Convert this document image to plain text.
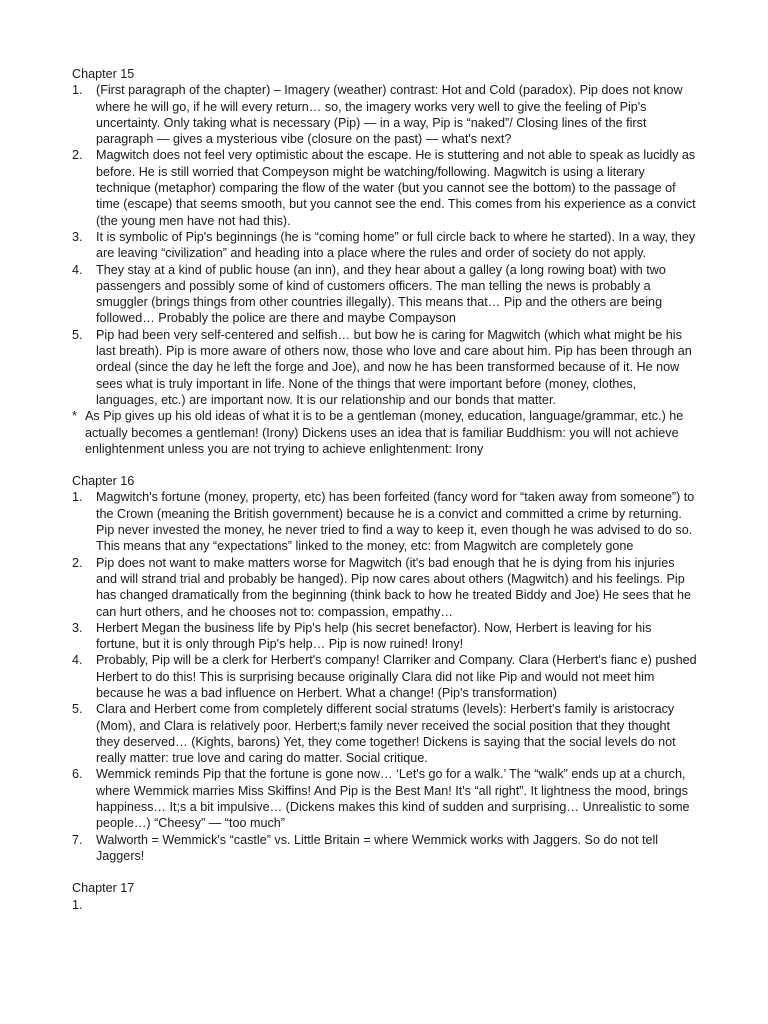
Chapter 15
1. (First paragraph of the chapter) – Imagery (weather) contrast: Hot and Cold (paradox). Pip does not know where he will go, if he will every return… so, the imagery works very well to give the feeling of Pip's uncertainty. Only taking what is necessary (Pip) — in a way, Pip is “naked”/ Closing lines of the first paragraph — gives a mysterious vibe (closure on the past) — what's next?
2. Magwitch does not feel very optimistic about the escape. He is stuttering and not able to speak as lucidly as before. He is still worried that Compeyson might be watching/following. Magwitch is using a literary technique (metaphor) comparing the flow of the water (but you cannot see the bottom) to the passage of time (escape) that seems smooth, but you cannot see the end. This comes from his experience as a convict (the young men have not had this).
3. It is symbolic of Pip's beginnings (he is “coming home” or full circle back to where he started). In a way, they are leaving “civilization” and heading into a place where the rules and order of society do not apply.
4. They stay at a kind of public house (an inn), and they hear about a galley (a long rowing boat) with two passengers and possibly some of kind of customers officers. The man telling the news is probably a smuggler (brings things from other countries illegally). This means that… Pip and the others are being followed… Probably the police are there and maybe Compayson
5. Pip had been very self-centered and selfish… but bow he is caring for Magwitch (which what might be his last breath). Pip is more aware of others now, those who love and care about him. Pip has been through an ordeal (since the day he left the forge and Joe), and now he has been transformed because of it. He now sees what is truly important in life. None of the things that were important before (money, clothes, languages, etc.) are important now. It is our relationship and our bonds that matter.
* As Pip gives up his old ideas of what it is to be a gentleman (money, education, language/grammar, etc.) he actually becomes a gentleman! (Irony) Dickens uses an idea that is familiar Buddhism: you will not achieve enlightenment unless you are not trying to achieve enlightenment: Irony
Chapter 16
1. Magwitch's fortune (money, property, etc) has been forfeited (fancy word for “taken away from someone”) to the Crown (meaning the British government) because he is a convict and committed a crime by returning. Pip never invested the money, he never tried to find a way to keep it, even though he was advised to do so. This means that any “expectations” linked to the money, etc: from Magwitch are completely gone
2. Pip does not want to make matters worse for Magwitch (it's bad enough that he is dying from his injuries and will strand trial and probably be hanged). Pip now cares about others (Magwitch) and his feelings. Pip has changed dramatically from the beginning (think back to how he treated Biddy and Joe) He sees that he can hurt others, and he chooses not to: compassion, empathy…
3. Herbert Megan the business life by Pip's help (his secret benefactor). Now, Herbert is leaving for his fortune, but it is only through Pip's help… Pip is now ruined! Irony!
4. Probably, Pip will be a clerk for Herbert's company! Clarriker and Company. Clara (Herbert's fianc e) pushed Herbert to do this! This is surprising because originally Clara did not like Pip and would not meet him because he was a bad influence on Herbert. What a change! (Pip's transformation)
5. Clara and Herbert come from completely different social stratums (levels): Herbert's family is aristocracy (Mom), and Clara is relatively poor. Herbert;s family never received the social position that they thought they deserved… (Kights, barons) Yet, they come together! Dickens is saying that the social levels do not really matter: true love and caring do matter. Social critique.
6. Wemmick reminds Pip that the fortune is gone now… ‘Let's go for a walk.’ The “walk” ends up at a church, where Wemmick marries Miss Skiffins! And Pip is the Best Man! It's “all right”. It lightness the mood, brings happiness… It;s a bit impulsive… (Dickens makes this kind of sudden and surprising… Unrealistic to some people…) “Cheesy” — “too much”
7. Walworth = Wemmick's “castle” vs. Little Britain = where Wemmick works with Jaggers. So do not tell Jaggers!
Chapter 17
1.
